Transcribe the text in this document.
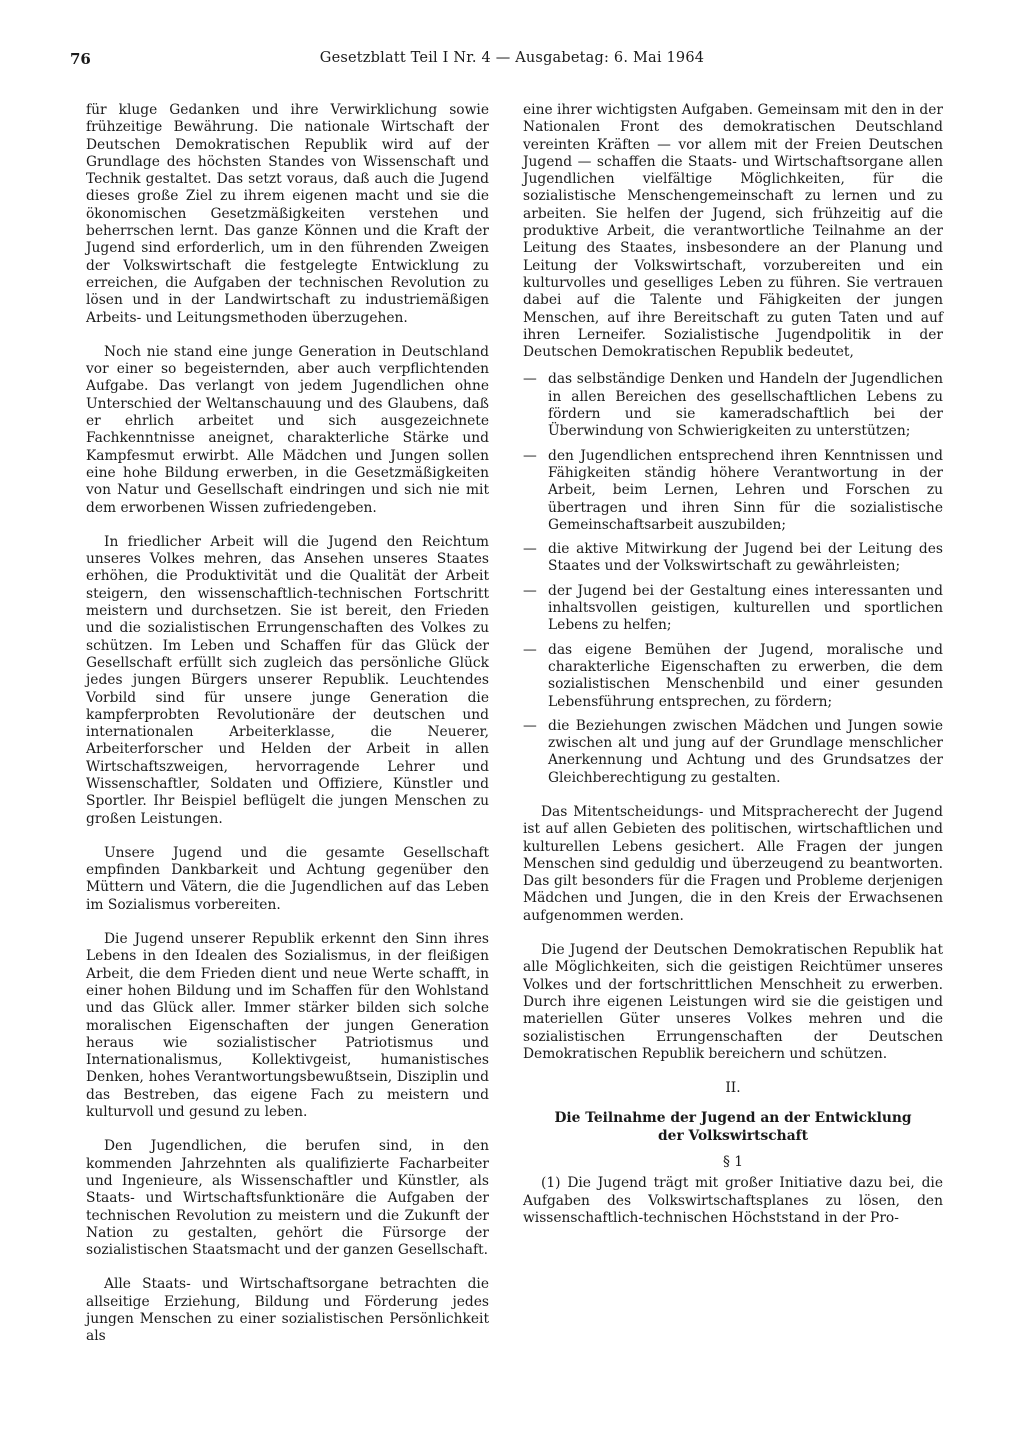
Gesetzblatt Teil I Nr. 4 — Ausgabetag: 6. Mai 1964
76

für kluge Gedanken und ihre Verwirklichung sowie frühzeitige Bewährung. Die nationale Wirtschaft der Deutschen Demokratischen Republik wird auf der Grundlage des höchsten Standes von Wissenschaft und Technik gestaltet. Das setzt voraus, daß auch die Jugend dieses große Ziel zu ihrem eigenen macht und sie die ökonomischen Gesetzmäßigkeiten verstehen und beherrschen lernt. Das ganze Können und die Kraft der Jugend sind erforderlich, um in den führenden Zweigen der Volkswirtschaft die festgelegte Entwicklung zu erreichen, die Aufgaben der technischen Revolution zu lösen und in der Landwirtschaft zu industriemäßigen Arbeits- und Leitungsmethoden überzugehen.

Noch nie stand eine junge Generation in Deutschland vor einer so begeisternden, aber auch verpflichtenden Aufgabe. Das verlangt von jedem Jugendlichen ohne Unterschied der Weltanschauung und des Glaubens, daß er ehrlich arbeitet und sich ausgezeichnete Fachkenntnisse aneignet, charakterliche Stärke und Kampfesmut erwirbt. Alle Mädchen und Jungen sollen eine hohe Bildung erwerben, in die Gesetzmäßigkeiten von Natur und Gesellschaft eindringen und sich nie mit dem erworbenen Wissen zufriedengeben.

In friedlicher Arbeit will die Jugend den Reichtum unseres Volkes mehren, das Ansehen unseres Staates erhöhen, die Produktivität und die Qualität der Arbeit steigern, den wissenschaftlich-technischen Fortschritt meistern und durchsetzen. Sie ist bereit, den Frieden und die sozialistischen Errungenschaften des Volkes zu schützen. Im Leben und Schaffen für das Glück der Gesellschaft erfüllt sich zugleich das persönliche Glück jedes jungen Bürgers unserer Republik. Leuchtendes Vorbild sind für unsere junge Generation die kampferprobten Revolutionäre der deutschen und internationalen Arbeiterklasse, die Neuerer, Arbeiterforscher und Helden der Arbeit in allen Wirtschaftszweigen, hervorragende Lehrer und Wissenschaftler, Soldaten und Offiziere, Künstler und Sportler. Ihr Beispiel beflügelt die jungen Menschen zu großen Leistungen.

Unsere Jugend und die gesamte Gesellschaft empfinden Dankbarkeit und Achtung gegenüber den Müttern und Vätern, die die Jugendlichen auf das Leben im Sozialismus vorbereiten.

Die Jugend unserer Republik erkennt den Sinn ihres Lebens in den Idealen des Sozialismus, in der fleißigen Arbeit, die dem Frieden dient und neue Werte schafft, in einer hohen Bildung und im Schaffen für den Wohlstand und das Glück aller. Immer stärker bilden sich solche moralischen Eigenschaften der jungen Generation heraus wie sozialistischer Patriotismus und Internationalismus, Kollektivgeist, humanistisches Denken, hohes Verantwortungsbewußtsein, Disziplin und das Bestreben, das eigene Fach zu meistern und kulturvoll und gesund zu leben.

Den Jugendlichen, die berufen sind, in den kommenden Jahrzehnten als qualifizierte Facharbeiter und Ingenieure, als Wissenschaftler und Künstler, als Staats- und Wirtschaftsfunktionäre die Aufgaben der technischen Revolution zu meistern und die Zukunft der Nation zu gestalten, gehört die Fürsorge der sozialistischen Staatsmacht und der ganzen Gesellschaft.

Alle Staats- und Wirtschaftsorgane betrachten die allseitige Erziehung, Bildung und Förderung jedes jungen Menschen zu einer sozialistischen Persönlichkeit als

eine ihrer wichtigsten Aufgaben. Gemeinsam mit den in der Nationalen Front des demokratischen Deutschland vereinten Kräften — vor allem mit der Freien Deutschen Jugend — schaffen die Staats- und Wirtschaftsorgane allen Jugendlichen vielfältige Möglichkeiten, für die sozialistische Menschengemeinschaft zu lernen und zu arbeiten. Sie helfen der Jugend, sich frühzeitig auf die produktive Arbeit, die verantwortliche Teilnahme an der Leitung des Staates, insbesondere an der Planung und Leitung der Volkswirtschaft, vorzubereiten und ein kulturvolles und geselliges Leben zu führen. Sie vertrauen dabei auf die Talente und Fähigkeiten der jungen Menschen, auf ihre Bereitschaft zu guten Taten und auf ihren Lerneifer. Sozialistische Jugendpolitik in der Deutschen Demokratischen Republik bedeutet,

— das selbständige Denken und Handeln der Jugendlichen in allen Bereichen des gesellschaftlichen Lebens zu fördern und sie kameradschaftlich bei der Überwindung von Schwierigkeiten zu unterstützen;
— den Jugendlichen entsprechend ihren Kenntnissen und Fähigkeiten ständig höhere Verantwortung in der Arbeit, beim Lernen, Lehren und Forschen zu übertragen und ihren Sinn für die sozialistische Gemeinschaftsarbeit auszubilden;
— die aktive Mitwirkung der Jugend bei der Leitung des Staates und der Volkswirtschaft zu gewährleisten;
— der Jugend bei der Gestaltung eines interessanten und inhaltsvollen geistigen, kulturellen und sportlichen Lebens zu helfen;
— das eigene Bemühen der Jugend, moralische und charakterliche Eigenschaften zu erwerben, die dem sozialistischen Menschenbild und einer gesunden Lebensführung entsprechen, zu fördern;
— die Beziehungen zwischen Mädchen und Jungen sowie zwischen alt und jung auf der Grundlage menschlicher Anerkennung und Achtung und des Grundsatzes der Gleichberechtigung zu gestalten.

Das Mitentscheidungs- und Mitspracherecht der Jugend ist auf allen Gebieten des politischen, wirtschaftlichen und kulturellen Lebens gesichert. Alle Fragen der jungen Menschen sind geduldig und überzeugend zu beantworten. Das gilt besonders für die Fragen und Probleme derjenigen Mädchen und Jungen, die in den Kreis der Erwachsenen aufgenommen werden.

Die Jugend der Deutschen Demokratischen Republik hat alle Möglichkeiten, sich die geistigen Reichtümer unseres Volkes und der fortschrittlichen Menschheit zu erwerben. Durch ihre eigenen Leistungen wird sie die geistigen und materiellen Güter unseres Volkes mehren und die sozialistischen Errungenschaften der Deutschen Demokratischen Republik bereichern und schützen.

II.
Die Teilnahme der Jugend an der Entwicklung der Volkswirtschaft
§ 1

(1) Die Jugend trägt mit großer Initiative dazu bei, die Aufgaben des Volkswirtschaftsplanes zu lösen, den wissenschaftlich-technischen Höchststand in der Pro-
